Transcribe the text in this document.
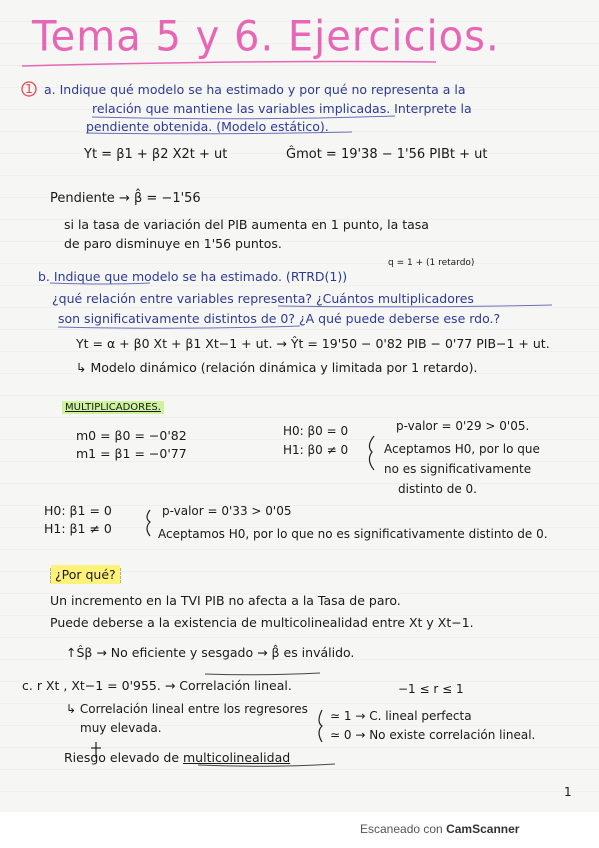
Tema 5 y 6. Ejercicios.
1 a. Indique qué modelo se ha estimado y por qué no representa a la
relación que mantiene las variables implicadas. Interprete la
pendiente obtenida. (Modelo estático).
Yt = β1 + β2 X2t + ut	Ĝmot = 19'38 − 1'56 PIBt + ut
Pendiente → β̂ = −1'56
si la tasa de variación del PIB aumenta en 1 punto, la tasa
de paro disminuye en 1'56 puntos.
q = 1 + (1 retardo)
b. Indique que modelo se ha estimado. (RTRD(1))
¿qué relación entre variables representa? ¿Cuántos multiplicadores
son significativamente distintos de 0? ¿A qué puede deberse ese rdo.?
Yt = α + β0 Xt + β1 Xt−1 + ut. → Ŷt = 19'50 − 0'82 PIB − 0'77 PIB−1 + ut.
↳ Modelo dinámico (relación dinámica y limitada por 1 retardo).
MULTIPLICADORES.
m0 = β0 = −0'82
m1 = β1 = −0'77
H0: β0 = 0
H1: β0 ≠ 0
p-valor = 0'29 > 0'05.
Aceptamos H0, por lo que
no es significativamente
distinto de 0.
H0: β1 = 0
H1: β1 ≠ 0
p-valor = 0'33 > 0'05
Aceptamos H0, por lo que no es significativamente distinto de 0.
¿Por qué?
Un incremento en la TVI PIB no afecta a la Tasa de paro.
Puede deberse a la existencia de multicolinealidad entre Xt y Xt−1.
↑Ŝβ → No eficiente y sesgado → β̂ es inválido.
c. r Xt , Xt−1 = 0'955. → Correlación lineal.	−1 ≤ r ≤ 1
↳ Correlación lineal entre los regresores
muy elevada.
≃ 1 → C. lineal perfecta
≃ 0 → No existe correlación lineal.
Riesgo elevado de multicolinealidad
1
Escaneado con CamScanner
